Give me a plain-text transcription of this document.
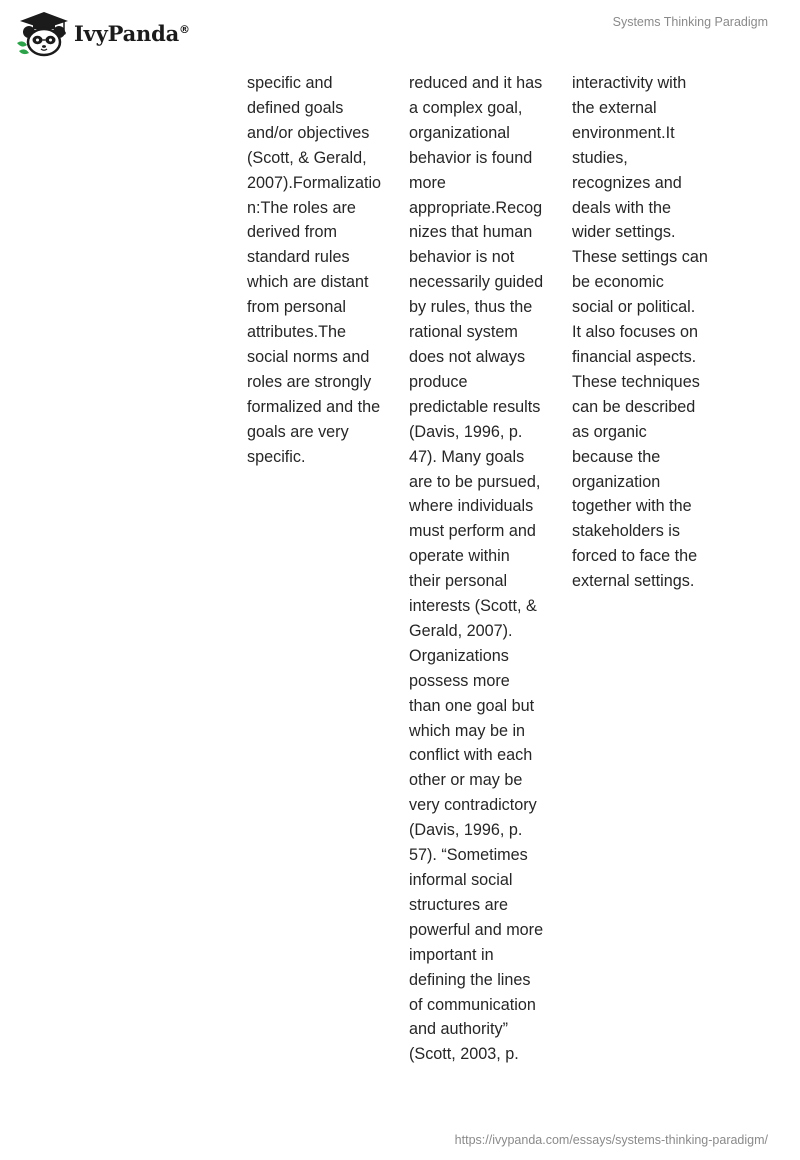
IvyPanda®	Systems Thinking Paradigm

specific and

defined goals

and/or objectives

(Scott, & Gerald,

2007).Formalizatio

n:The roles are

derived from

standard rules

which are distant

from personal

attributes.The

social norms and

roles are strongly

formalized and the

goals are very

specific.

reduced and it has

a complex goal,

organizational

behavior is found

more

appropriate.Recog

nizes that human

behavior is not

necessarily guided

by rules, thus the

rational system

does not always

produce

predictable results

(Davis, 1996, p.

47). Many goals

are to be pursued,

where individuals

must perform and

operate within

their personal

interests (Scott, &

Gerald, 2007).

Organizations

possess more

than one goal but

which may be in

conflict with each

other or may be

very contradictory

(Davis, 1996, p.

57). “Sometimes

informal social

structures are

powerful and more

important in

defining the lines

of communication

and authority”

(Scott, 2003, p.

interactivity with

the external

environment.It

studies,

recognizes and

deals with the

wider settings.

These settings can

be economic

social or political.

It also focuses on

financial aspects.

These techniques

can be described

as organic

because the

organization

together with the

stakeholders is

forced to face the

external settings.

https://ivypanda.com/essays/systems-thinking-paradigm/
